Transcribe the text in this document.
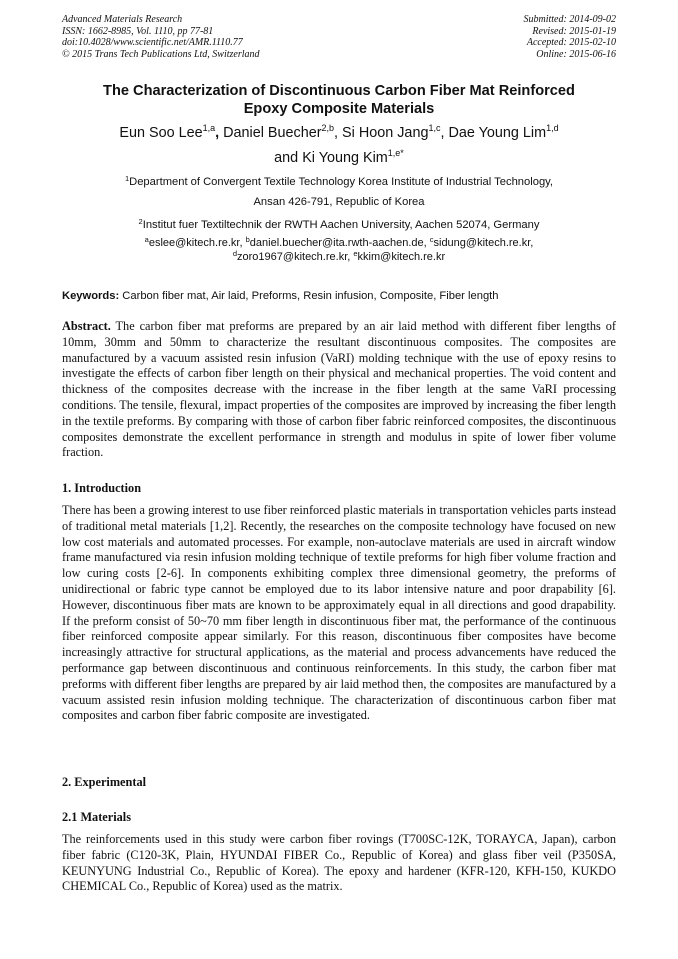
Advanced Materials Research
ISSN: 1662-8985, Vol. 1110, pp 77-81
doi:10.4028/www.scientific.net/AMR.1110.77
© 2015 Trans Tech Publications Ltd, Switzerland
Submitted: 2014-09-02
Revised: 2015-01-19
Accepted: 2015-02-10
Online: 2015-06-16
The Characterization of Discontinuous Carbon Fiber Mat Reinforced
Epoxy Composite Materials
Eun Soo Lee$^{1,a}$, Daniel Buecher$^{2,b}$, Si Hoon Jang$^{1,c}$, Dae Young Lim$^{1,d}$
and Ki Young Kim$^{1,e*}$
$^1$Department of Convergent Textile Technology Korea Institute of Industrial Technology,
Ansan 426-791, Republic of Korea
$^2$Institut fuer Textiltechnik der RWTH Aachen University, Aachen 52074, Germany
$^a$eslee@kitech.re.kr, $^b$daniel.buecher@ita.rwth-aachen.de, $^c$sidung@kitech.re.kr,
$^d$zoro1967@kitech.re.kr, $^e$kkim@kitech.re.kr
Keywords: Carbon fiber mat, Air laid, Preforms, Resin infusion, Composite, Fiber length
Abstract. The carbon fiber mat preforms are prepared by an air laid method with different fiber lengths of 10mm, 30mm and 50mm to characterize the resultant discontinuous composites. The composites are manufactured by a vacuum assisted resin infusion (VaRI) molding technique with the use of epoxy resins to investigate the effects of carbon fiber length on their physical and mechanical properties. The void content and thickness of the composites decrease with the increase in the fiber length at the same VaRI processing conditions. The tensile, flexural, impact properties of the composites are improved by increasing the fiber length in the textile preforms. By comparing with those of carbon fiber fabric reinforced composites, the discontinuous composites demonstrate the excellent performance in strength and modulus in spite of lower fiber volume fraction.
1. Introduction
There has been a growing interest to use fiber reinforced plastic materials in transportation vehicles parts instead of traditional metal materials [1,2]. Recently, the researches on the composite technology have focused on new low cost materials and automated processes. For example, non-autoclave materials are used in aircraft window frame manufactured via resin infusion molding technique of textile preforms for high fiber volume fraction and low curing costs [2-6]. In components exhibiting complex three dimensional geometry, the preforms of unidirectional or fabric type cannot be employed due to its labor intensive nature and poor drapability [6]. However, discontinuous fiber mats are known to be approximately equal in all directions and good drapability. If the preform consist of 50~70 mm fiber length in discontinuous fiber mat, the performance of the continuous fiber reinforced composite appear similarly. For this reason, discontinuous fiber composites have become increasingly attractive for structural applications, as the material and process advancements have reduced the performance gap between discontinuous and continuous reinforcements. In this study, the carbon fiber mat preforms with different fiber lengths are prepared by air laid method then, the composites are manufactured by a vacuum assisted resin infusion molding technique. The characterization of discontinuous carbon fiber mat composites and carbon fiber fabric composite are investigated.
2. Experimental
2.1 Materials
The reinforcements used in this study were carbon fiber rovings (T700SC-12K, TORAYCA, Japan), carbon fiber fabric (C120-3K, Plain, HYUNDAI FIBER Co., Republic of Korea) and glass fiber veil (P350SA, KEUNYUNG Industrial Co., Republic of Korea). The epoxy and hardener (KFR-120, KFH-150, KUKDO CHEMICAL Co., Republic of Korea) used as the matrix.
